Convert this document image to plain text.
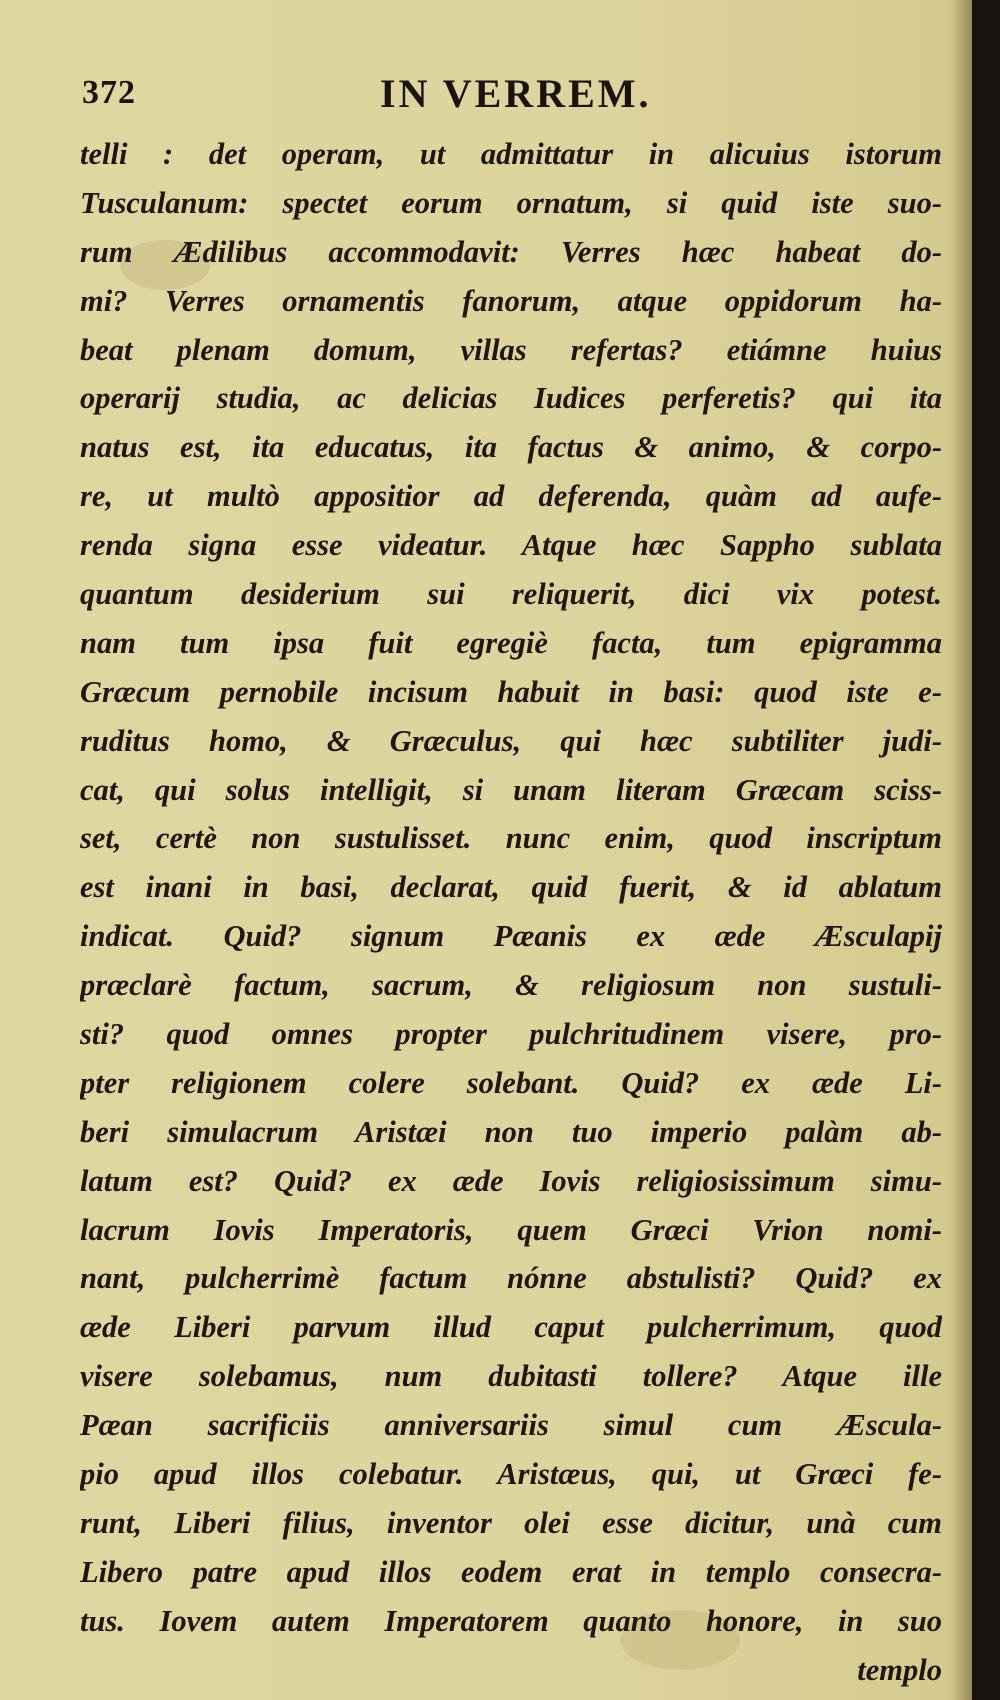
372	IN VERREM.
telli : det operam, ut admittatur in alicuius istorum
Tusculanum: spectet eorum ornatum, si quid iste suo-
rum Ædilibus accommodavit: Verres hæc habeat do-
mi? Verres ornamentis fanorum, atque oppidorum ha-
beat plenam domum, villas refertas? etiámne huius
operarij studia, ac delicias Iudices perferetis? qui ita
natus est, ita educatus, ita factus & animo, & corpo-
re, ut multò appositior ad deferenda, quàm ad aufe-
renda signa esse videatur. Atque hæc Sappho sublata
quantum desiderium sui reliquerit, dici vix potest.
nam tum ipsa fuit egregiè facta, tum epigramma
Græcum pernobile incisum habuit in basi: quod iste e-
ruditus homo, & Græculus, qui hæc subtiliter judi-
cat, qui solus intelligit, si unam literam Græcam sciss-
set, certè non sustulisset. nunc enim, quod inscriptum
est inani in basi, declarat, quid fuerit, & id ablatum
indicat. Quid? signum Pæanis ex æde Æsculapij
præclarè factum, sacrum, & religiosum non sustuli-
sti? quod omnes propter pulchritudinem visere, pro-
pter religionem colere solebant. Quid? ex æde Li-
beri simulacrum Aristæi non tuo imperio palàm ab-
latum est? Quid? ex æde Iovis religiosissimum simu-
lacrum Iovis Imperatoris, quem Græci Vrion nomi-
nant, pulcherrimè factum nónne abstulisti? Quid? ex
æde Liberi parvum illud caput pulcherrimum, quod
visere solebamus, num dubitasti tollere? Atque ille
Pæan sacrificiis anniversariis simul cum Æscula-
pio apud illos colebatur. Aristæus, qui, ut Græci fe-
runt, Liberi filius, inventor olei esse dicitur, unà cum
Libero patre apud illos eodem erat in templo consecra-
tus. Iovem autem Imperatorem quanto honore, in suo
templo
